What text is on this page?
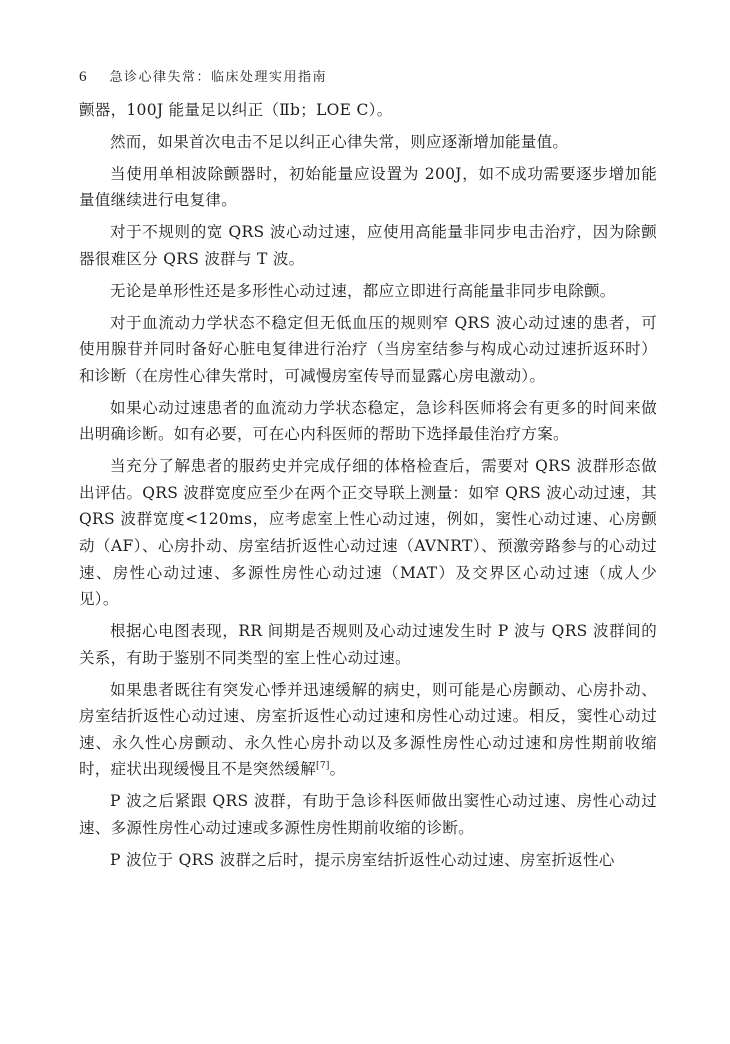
6 急诊心律失常：临床处理实用指南

颤器，100J 能量足以纠正（Ⅱb；LOE C）。

然而，如果首次电击不足以纠正心律失常，则应逐渐增加能量值。

当使用单相波除颤器时，初始能量应设置为 200J，如不成功需要逐步增加能量值继续进行电复律。

对于不规则的宽 QRS 波心动过速，应使用高能量非同步电击治疗，因为除颤器很难区分 QRS 波群与 T 波。

无论是单形性还是多形性心动过速，都应立即进行高能量非同步电除颤。

对于血流动力学状态不稳定但无低血压的规则窄 QRS 波心动过速的患者，可使用腺苷并同时备好心脏电复律进行治疗（当房室结参与构成心动过速折返环时）和诊断（在房性心律失常时，可减慢房室传导而显露心房电激动）。

如果心动过速患者的血流动力学状态稳定，急诊科医师将会有更多的时间来做出明确诊断。如有必要，可在心内科医师的帮助下选择最佳治疗方案。

当充分了解患者的服药史并完成仔细的体格检查后，需要对 QRS 波群形态做出评估。QRS 波群宽度应至少在两个正交导联上测量：如窄 QRS 波心动过速，其 QRS 波群宽度<120ms，应考虑室上性心动过速，例如，窦性心动过速、心房颤动（AF）、心房扑动、房室结折返性心动过速（AVNRT）、预激旁路参与的心动过速、房性心动过速、多源性房性心动过速（MAT）及交界区心动过速（成人少见）。

根据心电图表现，RR 间期是否规则及心动过速发生时 P 波与 QRS 波群间的关系，有助于鉴别不同类型的室上性心动过速。

如果患者既往有突发心悸并迅速缓解的病史，则可能是心房颤动、心房扑动、房室结折返性心动过速、房室折返性心动过速和房性心动过速。相反，窦性心动过速、永久性心房颤动、永久性心房扑动以及多源性房性心动过速和房性期前收缩时，症状出现缓慢且不是突然缓解[7]。

P 波之后紧跟 QRS 波群，有助于急诊科医师做出窦性心动过速、房性心动过速、多源性房性心动过速或多源性房性期前收缩的诊断。

P 波位于 QRS 波群之后时，提示房室结折返性心动过速、房室折返性心
